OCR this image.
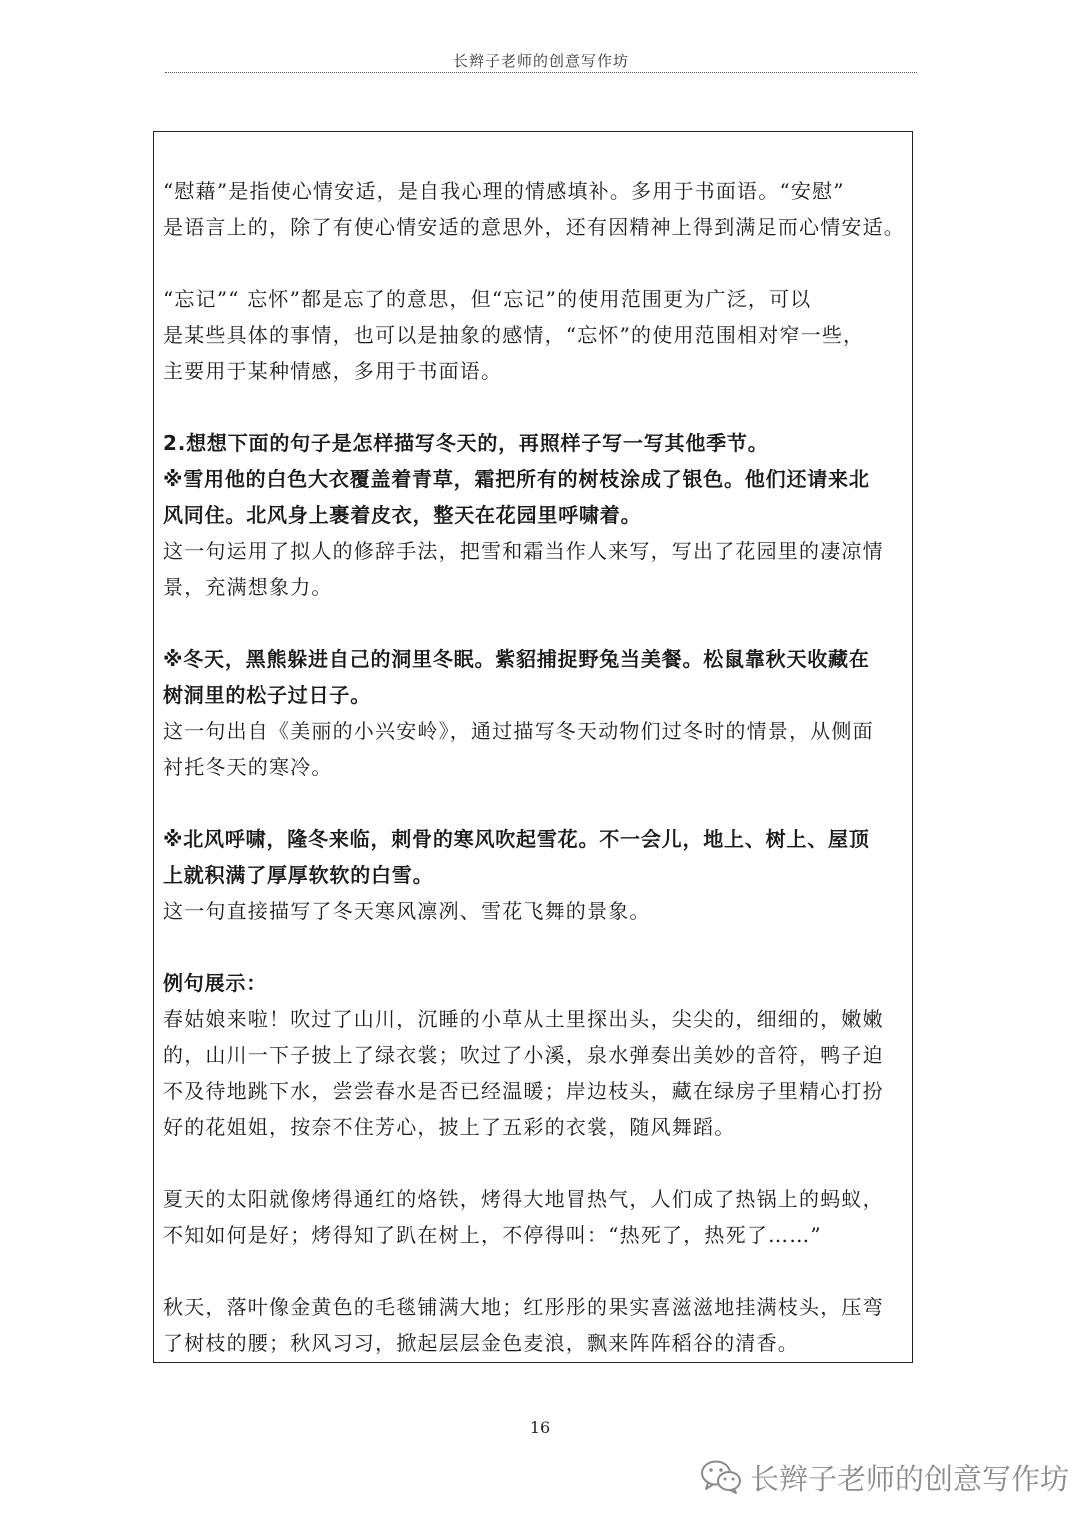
长辫子老师的创意写作坊

“慰藉”是指使心情安适，是自我心理的情感填补。多用于书面语。“安慰”

是语言上的，除了有使心情安适的意思外，还有因精神上得到满足而心情安适。

“忘记”“ 忘怀”都是忘了的意思，但“忘记”的使用范围更为广泛，可以

是某些具体的事情，也可以是抽象的感情，“忘怀”的使用范围相对窄一些，

主要用于某种情感，多用于书面语。

2.想想下面的句子是怎样描写冬天的，再照样子写一写其他季节。

※雪用他的白色大衣覆盖着青草，霜把所有的树枝涂成了银色。他们还请来北

风同住。北风身上裹着皮衣，整天在花园里呼啸着。

这一句运用了拟人的修辞手法，把雪和霜当作人来写，写出了花园里的凄凉情

景，充满想象力。

※冬天，黑熊躲进自己的洞里冬眠。紫貂捕捉野兔当美餐。松鼠靠秋天收藏在

树洞里的松子过日子。

这一句出自《美丽的小兴安岭》，通过描写冬天动物们过冬时的情景，从侧面

衬托冬天的寒冷。

※北风呼啸，隆冬来临，刺骨的寒风吹起雪花。不一会儿，地上、树上、屋顶

上就积满了厚厚软软的白雪。

这一句直接描写了冬天寒风凛冽、雪花飞舞的景象。

例句展示：

春姑娘来啦！吹过了山川，沉睡的小草从土里探出头，尖尖的，细细的，嫩嫩

的，山川一下子披上了绿衣裳；吹过了小溪，泉水弹奏出美妙的音符，鸭子迫

不及待地跳下水，尝尝春水是否已经温暖；岸边枝头，藏在绿房子里精心打扮

好的花姐姐，按奈不住芳心，披上了五彩的衣裳，随风舞蹈。

夏天的太阳就像烤得通红的烙铁，烤得大地冒热气，人们成了热锅上的蚂蚁，

不知如何是好；烤得知了趴在树上，不停得叫：“热死了，热死了……”

秋天，落叶像金黄色的毛毯铺满大地；红彤彤的果实喜滋滋地挂满枝头，压弯

了树枝的腰；秋风习习，掀起层层金色麦浪，飘来阵阵稻谷的清香。

16
长辫子老师的创意写作坊
